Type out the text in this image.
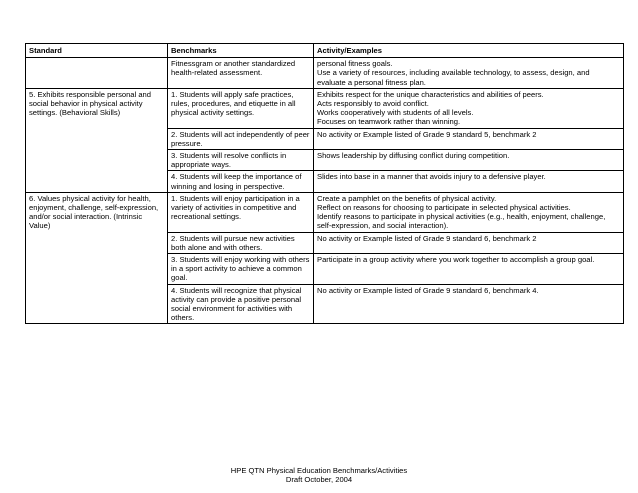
Standard	Benchmarks	Activity/Examples
	Fitnessgram or another standardized health-related assessment.	personal fitness goals.
Use a variety of resources, including available technology, to assess, design, and evaluate a personal fitness plan.

5. Exhibits responsible personal and social behavior in physical activity settings. (Behavioral Skills)	1. Students will apply safe practices, rules, procedures, and etiquette in all physical activity settings.	Exhibits respect for the unique characteristics and abilities of peers.
Acts responsibly to avoid conflict.
Works cooperatively with students of all levels.
Focuses on teamwork rather than winning.

	2. Students will act independently of peer pressure.	No activity or Example listed of Grade 9 standard 5, benchmark 2

	3. Students will resolve conflicts in appropriate ways.	Shows leadership by diffusing conflict during competition.

	4. Students will keep the importance of winning and losing in perspective.	Slides into base in a manner that avoids injury to a defensive player.

6. Values physical activity for health, enjoyment, challenge, self-expression, and/or social interaction. (Intrinsic Value)	1. Students will enjoy participation in a variety of activities in competitive and recreational settings.	Create a pamphlet on the benefits of physical activity.
Reflect on reasons for choosing to participate in selected physical activities.
Identify reasons to participate in physical activities (e.g., health, enjoyment, challenge, self-expression, and social interaction).

	2. Students will pursue new activities both alone and with others.	No activity or Example listed of Grade 9 standard 6, benchmark 2

	3. Students will enjoy working with others in a sport activity to achieve a common goal.	Participate in a group activity where you work together to accomplish a group goal.

	4. Students will recognize that physical activity can provide a positive personal social environment for activities with others.	No activity or Example listed of Grade 9 standard 6, benchmark 4.
HPE QTN Physical Education Benchmarks/Activities
Draft October, 2004
